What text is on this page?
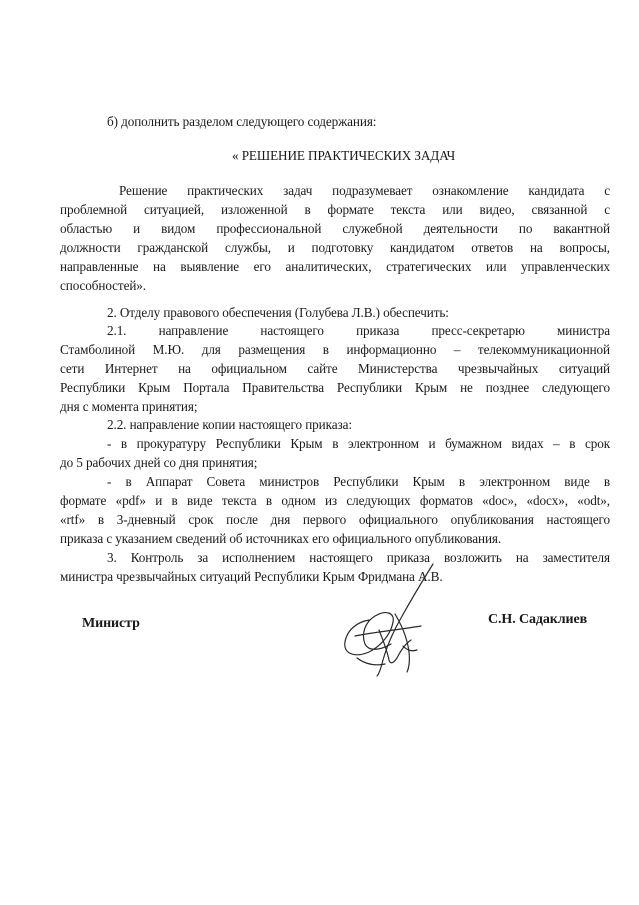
б) дополнить разделом следующего содержания:
« РЕШЕНИЕ ПРАКТИЧЕСКИХ ЗАДАЧ
Решение практических задач подразумевает ознакомление кандидата с
проблемной ситуацией, изложенной в формате текста или видео, связанной с
областью и видом профессиональной служебной деятельности по вакантной
должности гражданской службы, и подготовку кандидатом ответов на вопросы,
направленные на выявление его аналитических, стратегических или управленческих
способностей».
2. Отделу правового обеспечения (Голубева Л.В.) обеспечить:
2.1. направление настоящего приказа пресс-секретарю министра
Стамболиной М.Ю. для размещения в информационно – телекоммуникационной
сети Интернет на официальном сайте Министерства чрезвычайных ситуаций
Республики Крым Портала Правительства Республики Крым не позднее следующего
дня с момента принятия;
2.2. направление копии настоящего приказа:
- в прокуратуру Республики Крым в электронном и бумажном видах – в срок
до 5 рабочих дней со дня принятия;
- в Аппарат Совета министров Республики Крым в электронном виде в
формате «pdf» и в виде текста в одном из следующих форматов «doc», «docx», «odt»,
«rtf» в 3-дневный срок после дня первого официального опубликования настоящего
приказа с указанием сведений об источниках его официального опубликования.
3. Контроль за исполнением настоящего приказа возложить на заместителя
министра чрезвычайных ситуаций Республики Крым Фридмана А.В.
Министр	С.Н. Садаклиев
